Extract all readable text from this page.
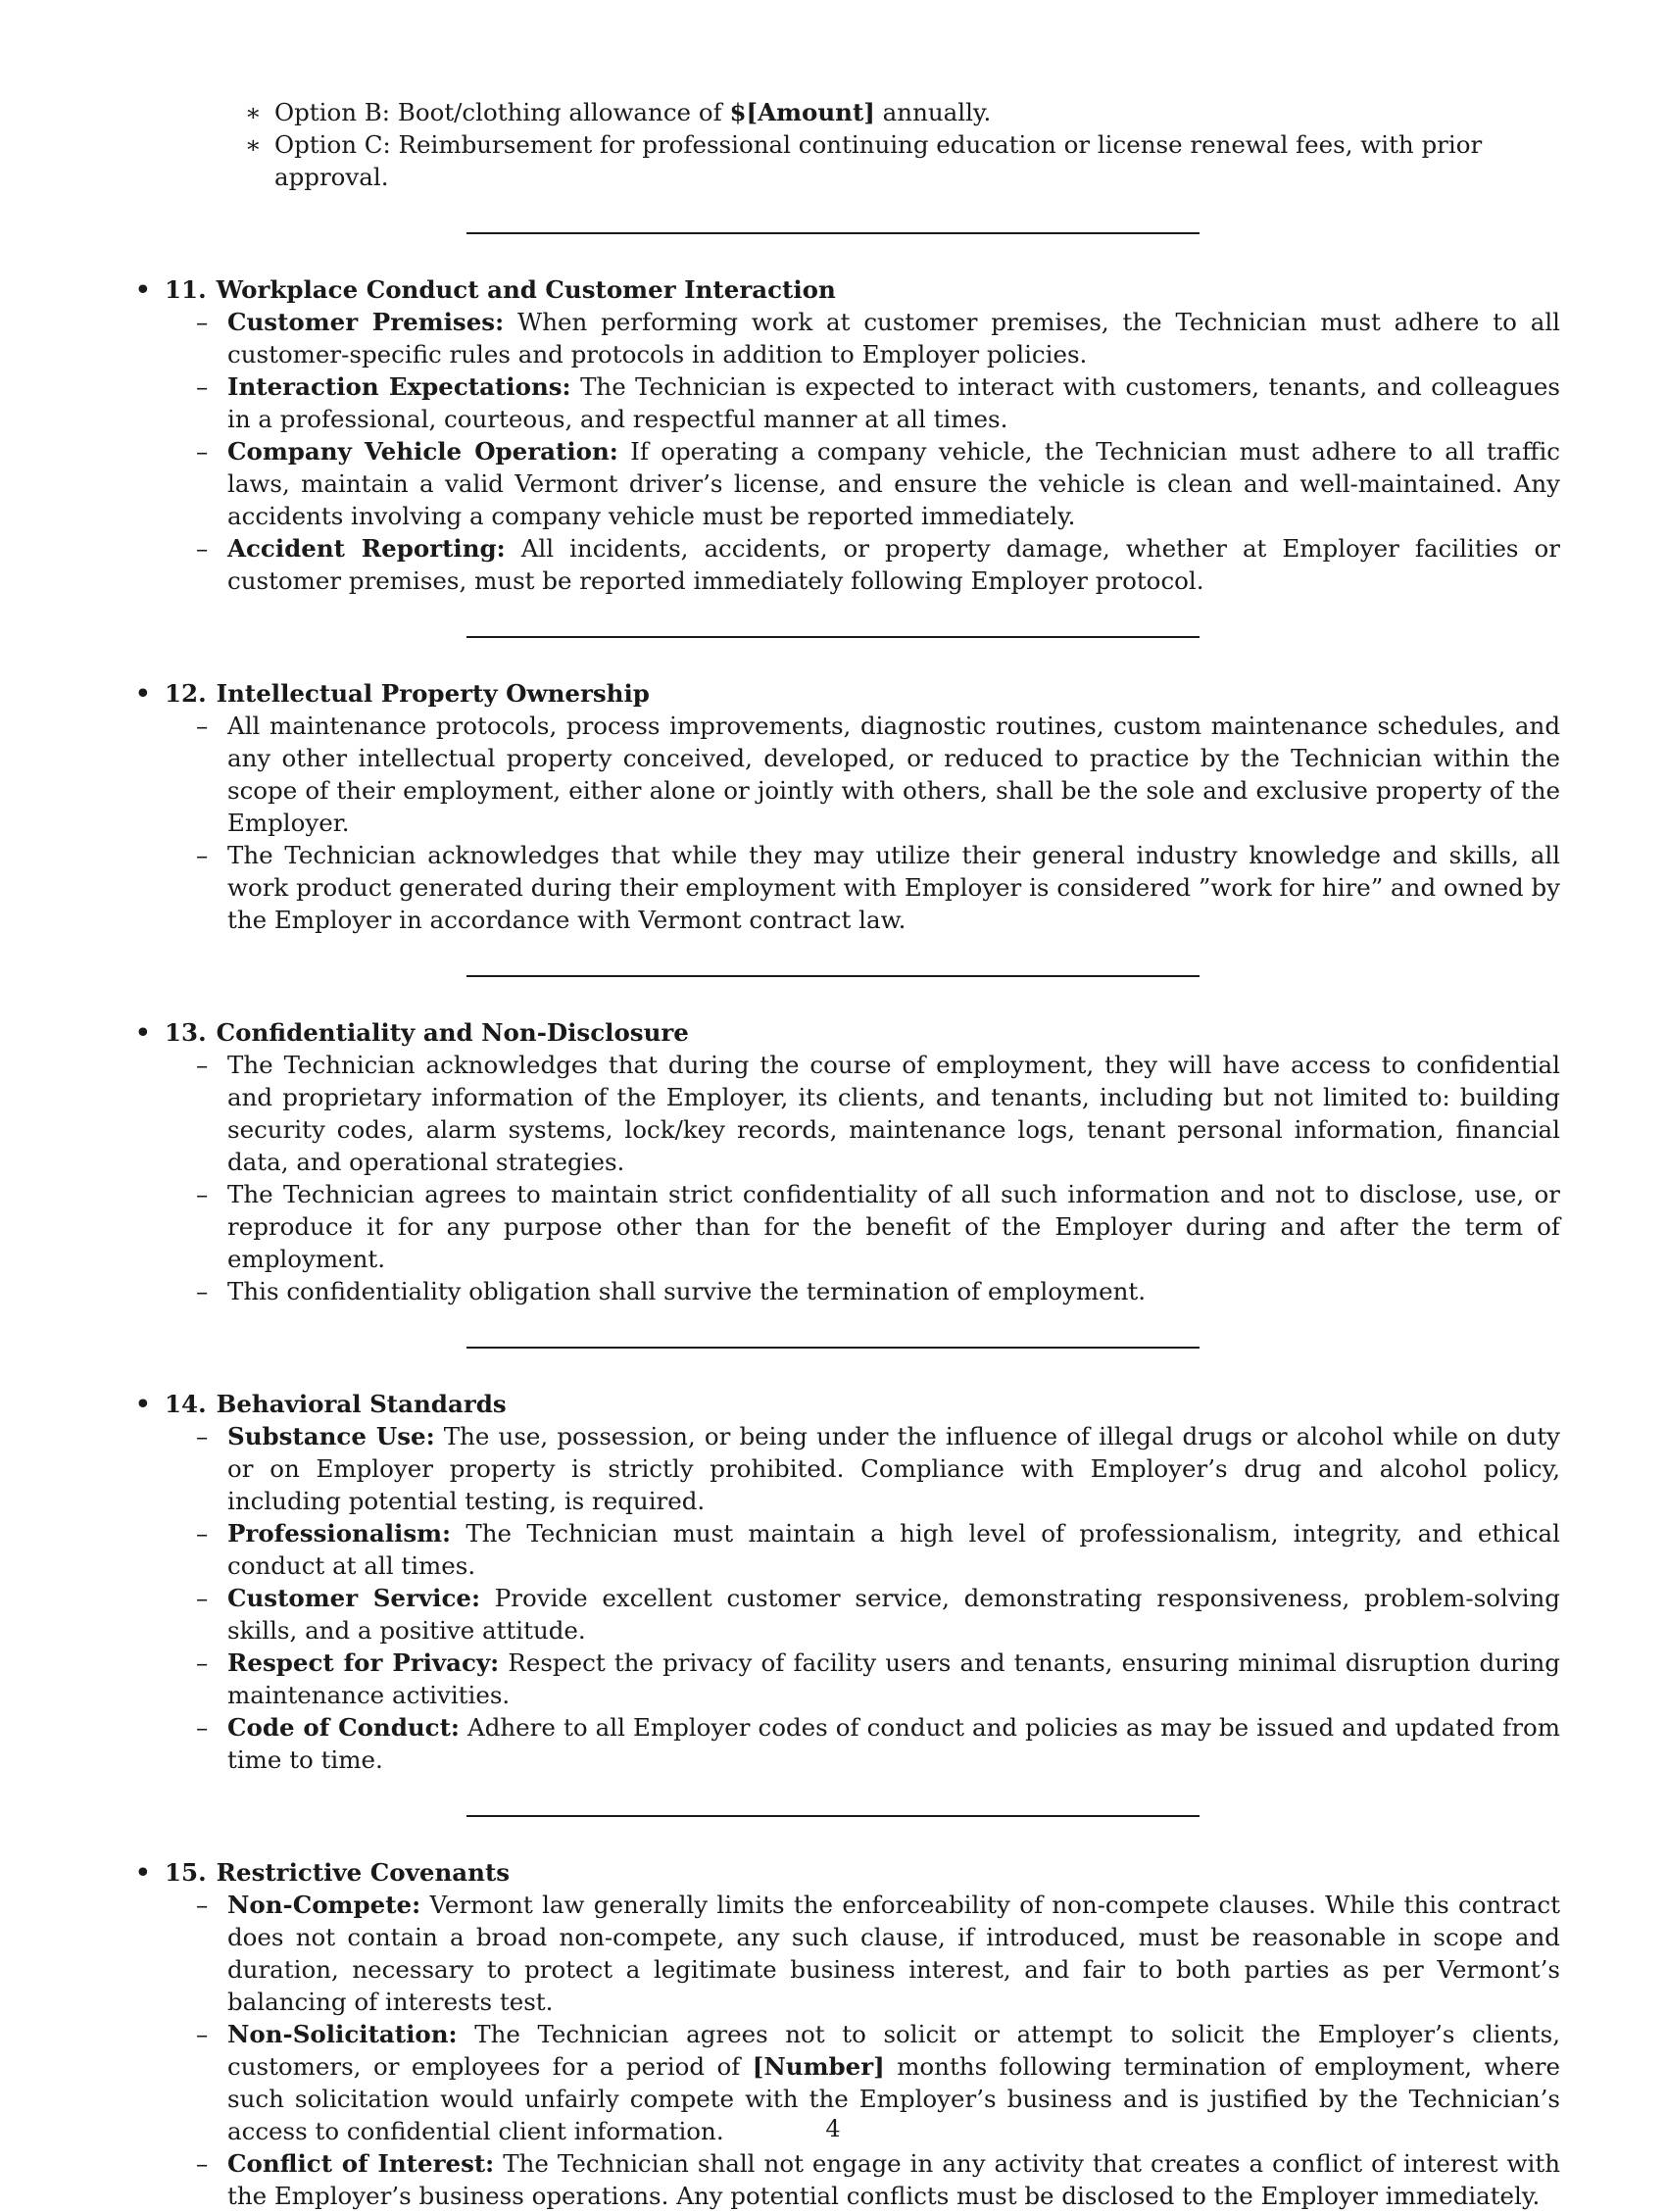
∗ Option B: Boot/clothing allowance of $[Amount] annually.
∗ Option C: Reimbursement for professional continuing education or license renewal fees, with prior approval.
• 11. Workplace Conduct and Customer Interaction
– Customer Premises: When performing work at customer premises, the Technician must adhere to all customer-specific rules and protocols in addition to Employer policies.
– Interaction Expectations: The Technician is expected to interact with customers, tenants, and colleagues in a professional, courteous, and respectful manner at all times.
– Company Vehicle Operation: If operating a company vehicle, the Technician must adhere to all traffic laws, maintain a valid Vermont driver’s license, and ensure the vehicle is clean and well-maintained. Any accidents involving a company vehicle must be reported immediately.
– Accident Reporting: All incidents, accidents, or property damage, whether at Employer facilities or customer premises, must be reported immediately following Employer protocol.
• 12. Intellectual Property Ownership
– All maintenance protocols, process improvements, diagnostic routines, custom maintenance schedules, and any other intellectual property conceived, developed, or reduced to practice by the Technician within the scope of their employment, either alone or jointly with others, shall be the sole and exclusive property of the Employer.
– The Technician acknowledges that while they may utilize their general industry knowledge and skills, all work product generated during their employment with Employer is considered ”work for hire” and owned by the Employer in accordance with Vermont contract law.
• 13. Confidentiality and Non-Disclosure
– The Technician acknowledges that during the course of employment, they will have access to confidential and proprietary information of the Employer, its clients, and tenants, including but not limited to: building security codes, alarm systems, lock/key records, maintenance logs, tenant personal information, financial data, and operational strategies.
– The Technician agrees to maintain strict confidentiality of all such information and not to disclose, use, or reproduce it for any purpose other than for the benefit of the Employer during and after the term of employment.
– This confidentiality obligation shall survive the termination of employment.
• 14. Behavioral Standards
– Substance Use: The use, possession, or being under the influence of illegal drugs or alcohol while on duty or on Employer property is strictly prohibited. Compliance with Employer’s drug and alcohol policy, including potential testing, is required.
– Professionalism: The Technician must maintain a high level of professionalism, integrity, and ethical conduct at all times.
– Customer Service: Provide excellent customer service, demonstrating responsiveness, problem-solving skills, and a positive attitude.
– Respect for Privacy: Respect the privacy of facility users and tenants, ensuring minimal disruption during maintenance activities.
– Code of Conduct: Adhere to all Employer codes of conduct and policies as may be issued and updated from time to time.
• 15. Restrictive Covenants
– Non-Compete: Vermont law generally limits the enforceability of non-compete clauses. While this contract does not contain a broad non-compete, any such clause, if introduced, must be reasonable in scope and duration, necessary to protect a legitimate business interest, and fair to both parties as per Vermont’s balancing of interests test.
– Non-Solicitation: The Technician agrees not to solicit or attempt to solicit the Employer’s clients, customers, or employees for a period of [Number] months following termination of employment, where such solicitation would unfairly compete with the Employer’s business and is justified by the Technician’s access to confidential client information.
– Conflict of Interest: The Technician shall not engage in any activity that creates a conflict of interest with the Employer’s business operations. Any potential conflicts must be disclosed to the Employer immediately.
4
